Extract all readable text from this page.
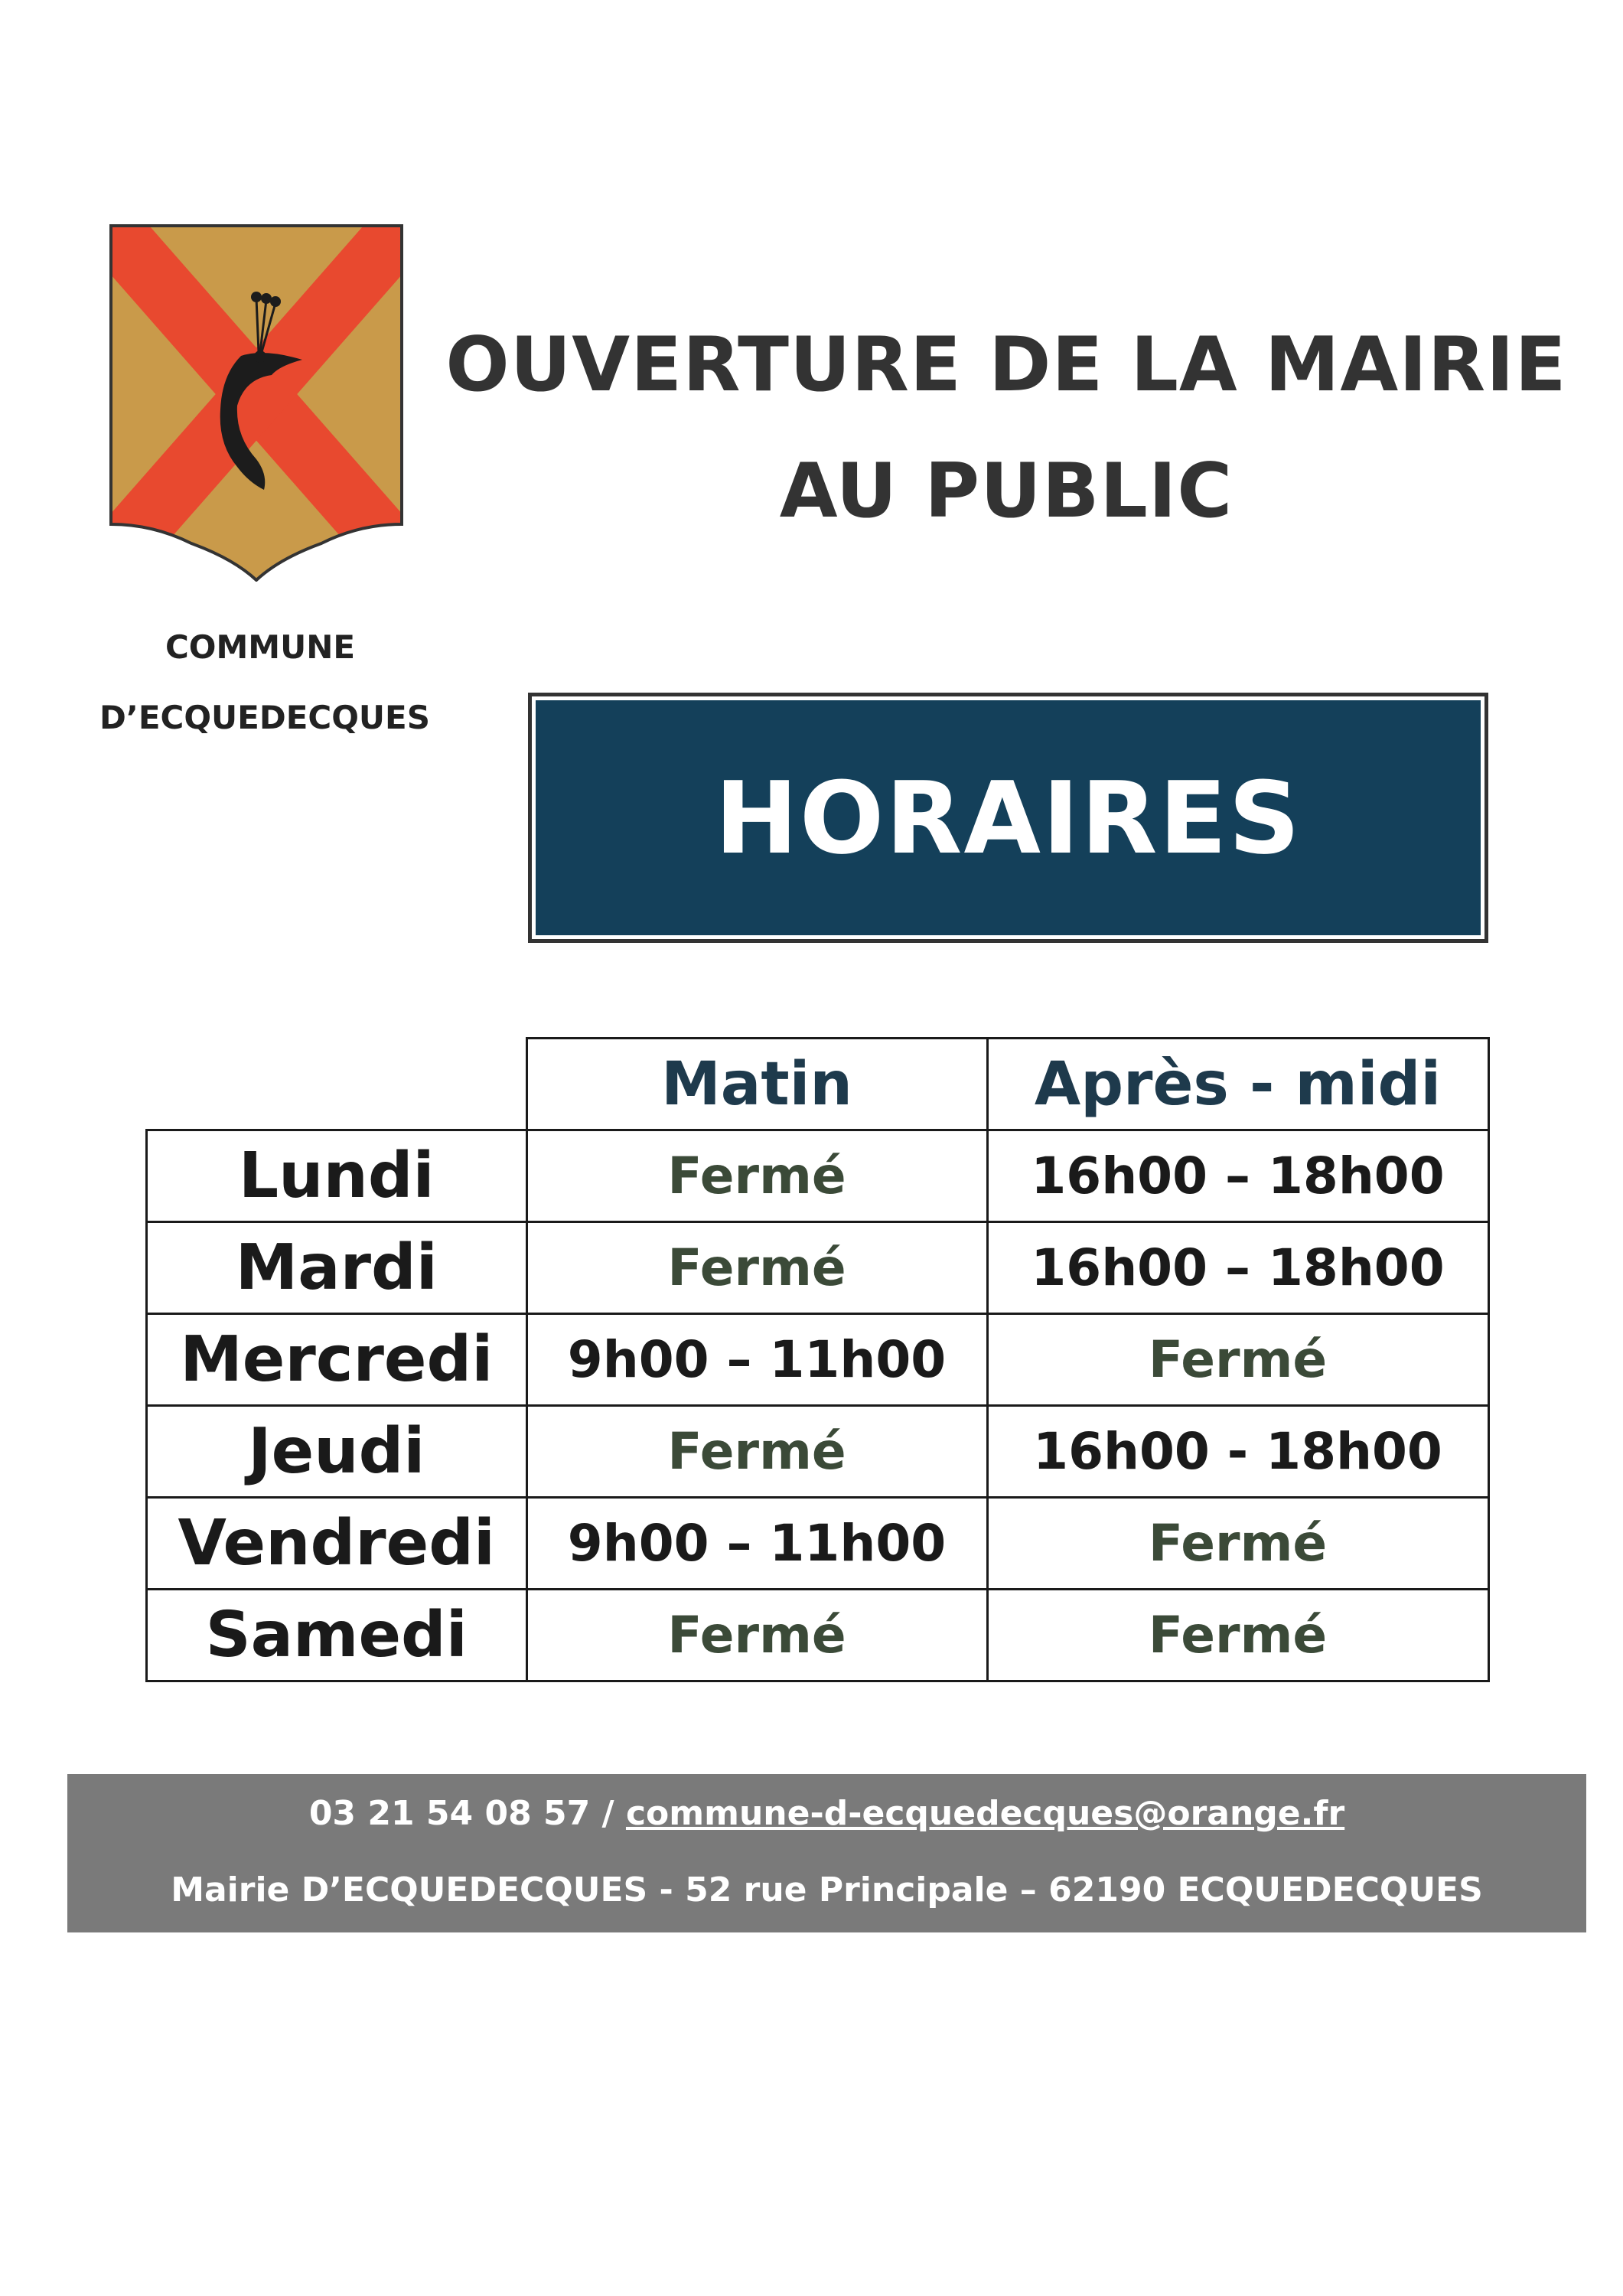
COMMUNE
D’ECQUEDECQUES
OUVERTURE DE LA MAIRIE
AU PUBLIC
HORAIRES
	Matin	Après - midi
Lundi	Fermé	16h00 – 18h00
Mardi	Fermé	16h00 – 18h00
Mercredi	9h00 – 11h00	Fermé
Jeudi	Fermé	16h00 - 18h00
Vendredi	9h00 – 11h00	Fermé
Samedi	Fermé	Fermé
03 21 54 08 57 / commune-d-ecquedecques@orange.fr
Mairie D’ECQUEDECQUES - 52 rue Principale – 62190 ECQUEDECQUES
